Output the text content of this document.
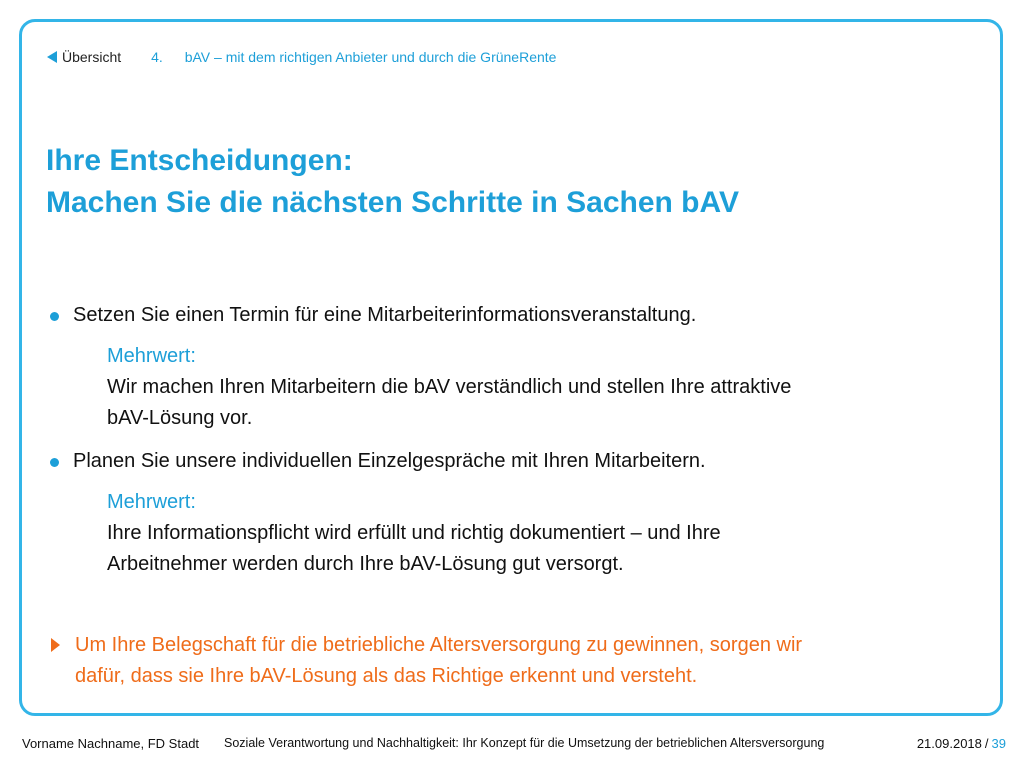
Übersicht 4. bAV – mit dem richtigen Anbieter und durch die GrüneRente
Ihre Entscheidungen:
Machen Sie die nächsten Schritte in Sachen bAV
Setzen Sie einen Termin für eine Mitarbeiterinformationsveranstaltung.
Mehrwert:
Wir machen Ihren Mitarbeitern die bAV verständlich und stellen Ihre attraktive
bAV-Lösung vor.
Planen Sie unsere individuellen Einzelgespräche mit Ihren Mitarbeitern.
Mehrwert:
Ihre Informationspflicht wird erfüllt und richtig dokumentiert – und Ihre
Arbeitnehmer werden durch Ihre bAV-Lösung gut versorgt.
Um Ihre Belegschaft für die betriebliche Altersversorgung zu gewinnen, sorgen wir
dafür, dass sie Ihre bAV-Lösung als das Richtige erkennt und versteht.
Vorname Nachname, FD Stadt Soziale Verantwortung und Nachhaltigkeit: Ihr Konzept für die Umsetzung der betrieblichen Altersversorgung	21.09.2018 / 39
